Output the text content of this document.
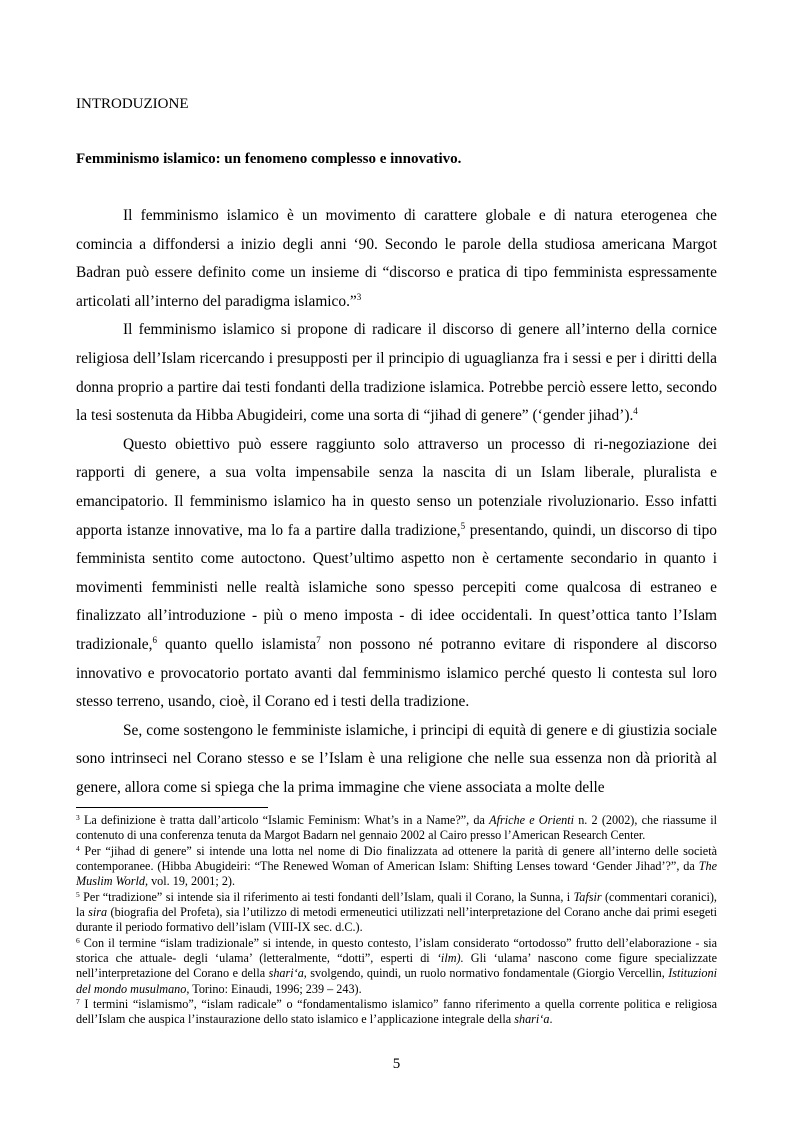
INTRODUZIONE
Femminismo islamico: un fenomeno complesso e innovativo.

Il femminismo islamico è un movimento di carattere globale e di natura eterogenea che comincia a diffondersi a inizio degli anni ‘90. Secondo le parole della studiosa americana Margot Badran può essere definito come un insieme di “discorso e pratica di tipo femminista espressamente articolati all’interno del paradigma islamico.”$^3$

Il femminismo islamico si propone di radicare il discorso di genere all’interno della cornice religiosa dell’Islam ricercando i presupposti per il principio di uguaglianza fra i sessi e per i diritti della donna proprio a partire dai testi fondanti della tradizione islamica. Potrebbe perciò essere letto, secondo la tesi sostenuta da Hibba Abugideiri, come una sorta di “jihad di genere” (‘gender jihad’).$^4$

Questo obiettivo può essere raggiunto solo attraverso un processo di ri-negoziazione dei rapporti di genere, a sua volta impensabile senza la nascita di un Islam liberale, pluralista e emancipatorio. Il femminismo islamico ha in questo senso un potenziale rivoluzionario. Esso infatti apporta istanze innovative, ma lo fa a partire dalla tradizione,$^5$ presentando, quindi, un discorso di tipo femminista sentito come autoctono. Quest’ultimo aspetto non è certamente secondario in quanto i movimenti femministi nelle realtà islamiche sono spesso percepiti come qualcosa di estraneo e finalizzato all’introduzione - più o meno imposta - di idee occidentali. In quest’ottica tanto l’Islam tradizionale,$^6$ quanto quello islamista$^7$ non possono né potranno evitare di rispondere al discorso innovativo e provocatorio portato avanti dal femminismo islamico perché questo li contesta sul loro stesso terreno, usando, cioè, il Corano ed i testi della tradizione.

Se, come sostengono le femministe islamiche, i principi di equità di genere e di giustizia sociale sono intrinseci nel Corano stesso e se l’Islam è una religione che nelle sua essenza non dà priorità al genere, allora come si spiega che la prima immagine che viene associata a molte delle

$^3$ La definizione è tratta dall’articolo “Islamic Feminism: What’s in a Name?”, da Afriche e Orienti n. 2 (2002), che riassume il contenuto di una conferenza tenuta da Margot Badarn nel gennaio 2002 al Cairo presso l’American Research Center.

$^4$ Per “jihad di genere” si intende una lotta nel nome di Dio finalizzata ad ottenere la parità di genere all’interno delle società contemporanee. (Hibba Abugideiri: “The Renewed Woman of American Islam: Shifting Lenses toward ‘Gender Jihad’?”, da The Muslim World, vol. 19, 2001; 2).

$^5$ Per “tradizione” si intende sia il riferimento ai testi fondanti dell’Islam, quali il Corano, la Sunna, i Tafsir (commentari coranici), la sira (biografia del Profeta), sia l’utilizzo di metodi ermeneutici utilizzati nell’interpretazione del Corano anche dai primi esegeti durante il periodo formativo dell’islam (VIII-IX sec. d.C.).

$^6$ Con il termine “islam tradizionale” si intende, in questo contesto, l’islam considerato “ortodosso” frutto dell’elaborazione - sia storica che attuale- degli ‘ulama’ (letteralmente, “dotti”, esperti di ‘ilm). Gli ‘ulama’ nascono come figure specializzate nell’interpretazione del Corano e della shari‘a, svolgendo, quindi, un ruolo normativo fondamentale (Giorgio Vercellin, Istituzioni del mondo musulmano, Torino: Einaudi, 1996; 239 – 243).

$^7$ I termini “islamismo”, “islam radicale” o “fondamentalismo islamico” fanno riferimento a quella corrente politica e religiosa dell’Islam che auspica l’instaurazione dello stato islamico e l’applicazione integrale della shari‘a.

5
